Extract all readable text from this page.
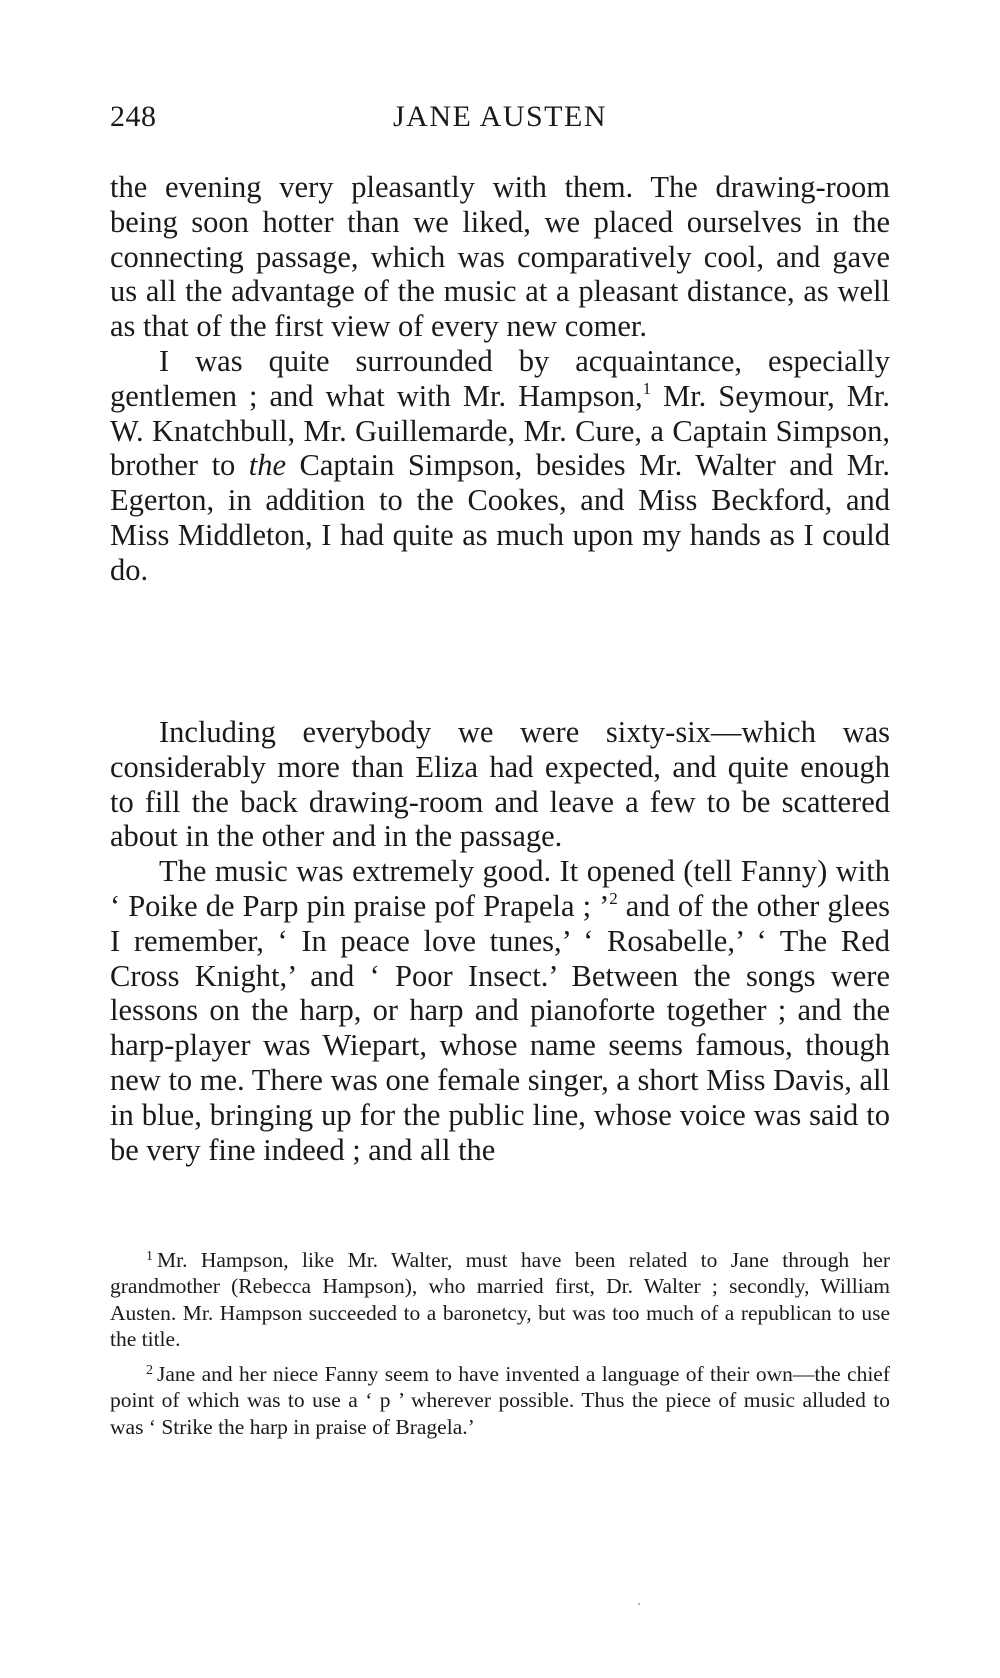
248	JANE AUSTEN

the evening very pleasantly with them. The drawing-room being soon hotter than we liked, we placed ourselves in the connecting passage, which was comparatively cool, and gave us all the advantage of the music at a pleasant distance, as well as that of the first view of every new comer.

I was quite surrounded by acquaintance, especially gentlemen ; and what with Mr. Hampson,$^1$ Mr. Seymour, Mr. W. Knatchbull, Mr. Guillemarde, Mr. Cure, a Captain Simpson, brother to the Captain Simpson, besides Mr. Walter and Mr. Egerton, in addition to the Cookes, and Miss Beckford, and Miss Middleton, I had quite as much upon my hands as I could do.

Including everybody we were sixty-six—which was considerably more than Eliza had expected, and quite enough to fill the back drawing-room and leave a few to be scattered about in the other and in the passage.

The music was extremely good. It opened (tell Fanny) with ‘ Poike de Parp pin praise pof Prapela ; ’$^2$ and of the other glees I remember, ‘ In peace love tunes,’ ‘ Rosabelle,’ ‘ The Red Cross Knight,’ and ‘ Poor Insect.’ Between the songs were lessons on the harp, or harp and pianoforte together ; and the harp-player was Wiepart, whose name seems famous, though new to me. There was one female singer, a short Miss Davis, all in blue, bringing up for the public line, whose voice was said to be very fine indeed ; and all the

$^1$ Mr. Hampson, like Mr. Walter, must have been related to Jane through her grandmother (Rebecca Hampson), who married first, Dr. Walter ; secondly, William Austen. Mr. Hampson succeeded to a baronetcy, but was too much of a republican to use the title.

$^2$ Jane and her niece Fanny seem to have invented a language of their own—the chief point of which was to use a ‘ p ’ wherever possible. Thus the piece of music alluded to was ‘ Strike the harp in praise of Bragela.’
